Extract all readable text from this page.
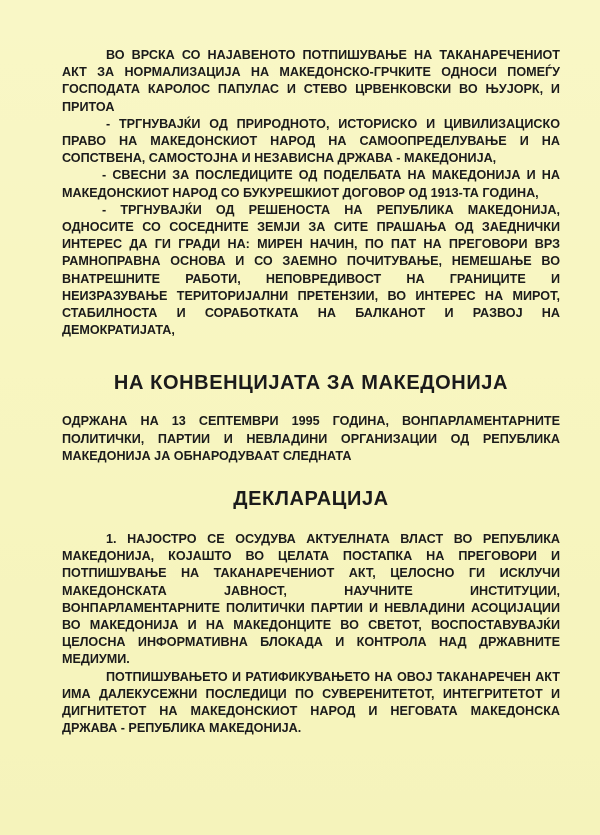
ВО ВРСКА СО НАЈАВЕНОТО ПОТПИШУВАЊЕ НА ТАКАНАРЕЧЕНИОТ АКТ ЗА НОРМАЛИЗАЦИЈА НА МАКЕДОНСКО-ГРЧКИТЕ ОДНОСИ ПОМЕЃУ ГОСПОДАТА КАРОЛОС ПАПУЛАС И СТЕВО ЦРВЕНКОВСКИ ВО ЊУЈОРК, И ПРИТОА

- ТРГНУВАЈЌИ ОД ПРИРОДНОТО, ИСТОРИСКО И ЦИВИЛИЗАЦИСКО ПРАВО НА МАКЕДОНСКИОТ НАРОД НА САМООПРЕДЕЛУВАЊЕ И НА СОПСТВЕНА, САМОСТОЈНА И НЕЗАВИСНА ДРЖАВА - МАКЕДОНИЈА,

- СВЕСНИ ЗА ПОСЛЕДИЦИТЕ ОД ПОДЕЛБАТА НА МАКЕДОНИЈА И НА МАКЕДОНСКИОТ НАРОД СО БУКУРЕШКИОТ ДОГОВОР ОД 1913-ТА ГОДИНА,

- ТРГНУВАЈЌИ ОД РЕШЕНОСТА НА РЕПУБЛИКА МАКЕДОНИЈА, ОДНОСИТЕ СО СОСЕДНИТЕ ЗЕМЈИ ЗА СИТЕ ПРАШАЊА ОД ЗАЕДНИЧКИ ИНТЕРЕС ДА ГИ ГРАДИ НА: МИРЕН НАЧИН, ПО ПАТ НА ПРЕГОВОРИ ВРЗ РАМНОПРАВНА ОСНОВА И СО ЗАЕМНО ПОЧИТУВАЊЕ, НЕМЕШАЊЕ ВО ВНАТРЕШНИТЕ РАБОТИ, НЕПОВРЕДИВОСТ НА ГРАНИЦИТЕ И НЕИЗРАЗУВАЊЕ ТЕРИТОРИЈАЛНИ ПРЕТЕНЗИИ, ВО ИНТЕРЕС НА МИРОТ, СТАБИЛНОСТА И СОРАБОТКАТА НА БАЛКАНОТ И РАЗВОЈ НА ДЕМОКРАТИЈАТА,

НА КОНВЕНЦИЈАТА ЗА МАКЕДОНИЈА

ОДРЖАНА НА 13 СЕПТЕМВРИ 1995 ГОДИНА, ВОНПАРЛАМЕНТАРНИТЕ ПОЛИТИЧКИ, ПАРТИИ И НЕВЛАДИНИ ОРГАНИЗАЦИИ ОД РЕПУБЛИКА МАКЕДОНИЈА ЈА ОБНАРОДУВААТ СЛЕДНАТА

ДЕКЛАРАЦИЈА

1. НАЈОСТРО СЕ ОСУДУВА АКТУЕЛНАТА ВЛАСТ ВО РЕПУБЛИКА МАКЕДОНИЈА, КОЈАШТО ВО ЦЕЛАТА ПОСТАПКА НА ПРЕГОВОРИ И ПОТПИШУВАЊЕ НА ТАКАНАРЕЧЕНИОТ АКТ, ЦЕЛОСНО ГИ ИСКЛУЧИ МАКЕДОНСКАТА ЈАВНОСТ, НАУЧНИТЕ ИНСТИТУЦИИ, ВОНПАРЛАМЕНТАРНИТЕ ПОЛИТИЧКИ ПАРТИИ И НЕВЛАДИНИ АСОЦИЈАЦИИ ВО МАКЕДОНИЈА И НА МАКЕДОНЦИТЕ ВО СВЕТОТ, ВОСПОСТАВУВАЈЌИ ЦЕЛОСНА ИНФОРМАТИВНА БЛОКАДА И КОНТРОЛА НАД ДРЖАВНИТЕ МЕДИУМИ.

ПОТПИШУВАЊЕТО И РАТИФИКУВАЊЕТО НА ОВОЈ ТАКАНАРЕЧЕН АКТ ИМА ДАЛЕКУСЕЖНИ ПОСЛЕДИЦИ ПО СУВЕРЕНИТЕТОТ, ИНТЕГРИТЕТОТ И ДИГНИТЕТОТ НА МАКЕДОНСКИОТ НАРОД И НЕГОВАТА МАКЕДОНСКА ДРЖАВА - РЕПУБЛИКА МАКЕДОНИЈА.
